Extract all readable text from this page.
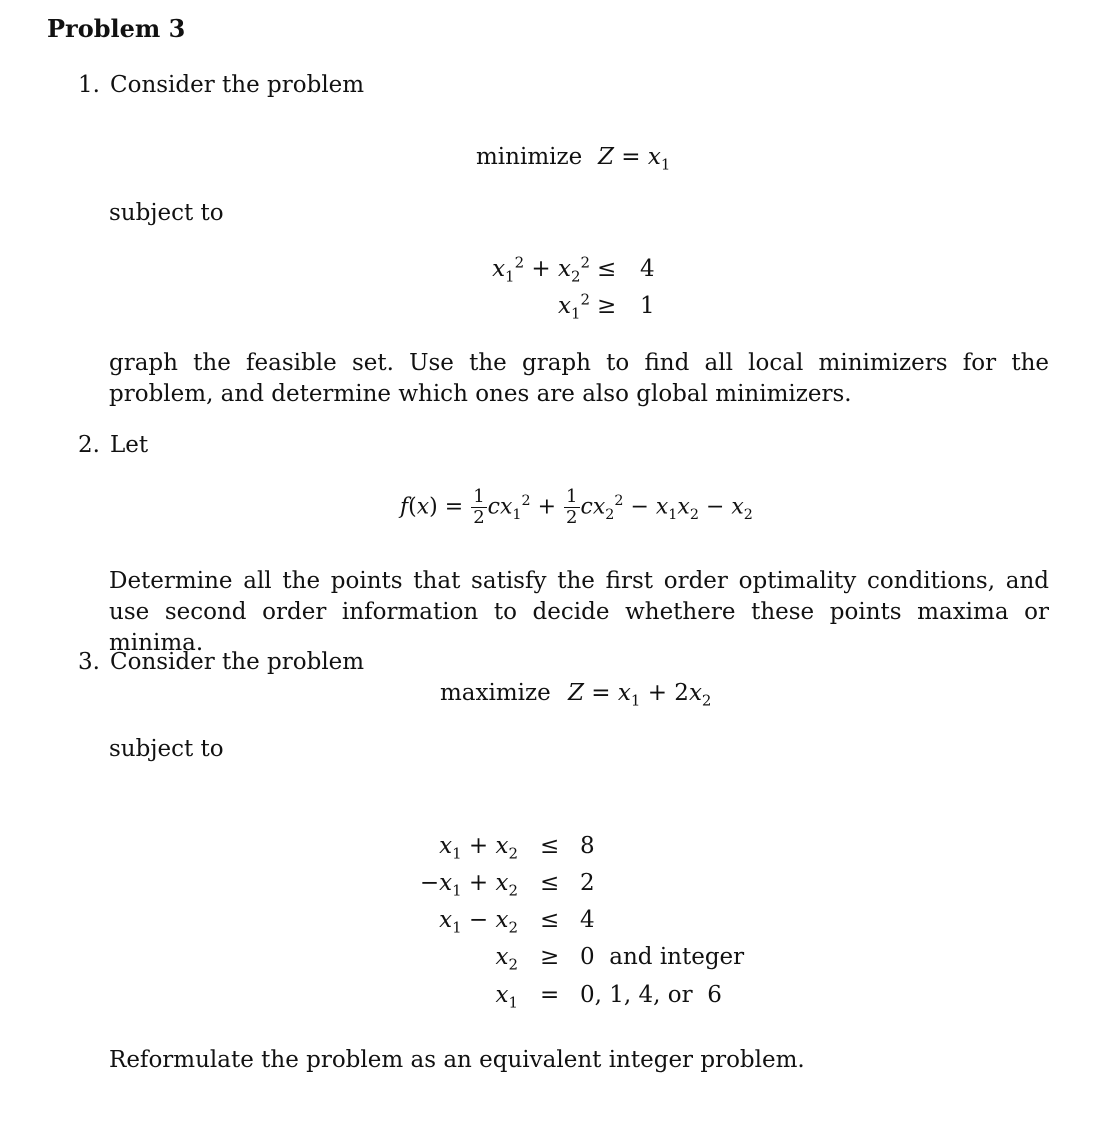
Problem 3
1. Consider the problem
minimize $Z = x_1$
subject to
$x_1^2 + x_2^2 \le 4$
$x_1^2 \ge 1$
graph the feasible set. Use the graph to find all local minimizers for the problem, and determine which ones are also global minimizers.
2. Let
$f(x) = \frac{1}{2} cx_1^2 + \frac{1}{2} cx_2^2 - x_1x_2 - x_2$
Determine all the points that satisfy the first order optimality conditions, and use second order information to decide whethere these points maxima or minima.
3. Consider the problem
maximize $Z = x_1 + 2x_2$
subject to
$x_1 + x_2 \le 8$
$-x_1 + x_2 \le 2$
$x_1 - x_2 \le 4$
$x_2 \ge 0$  and integer
$x_1 = 0$, 1, 4, or  6
Reformulate the problem as an equivalent integer problem.
